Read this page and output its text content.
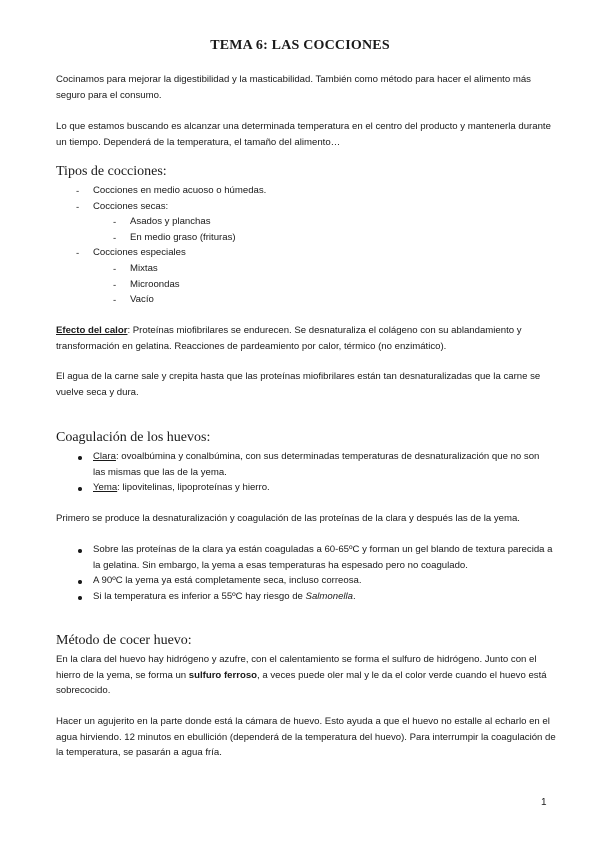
TEMA 6: LAS COCCIONES
Cocinamos para mejorar la digestibilidad y la masticabilidad. También como método para hacer el alimento más seguro para el consumo.
Lo que estamos buscando es alcanzar una determinada temperatura en el centro del producto y mantenerla durante un tiempo. Dependerá de la temperatura, el tamaño del alimento…
Tipos de cocciones:
- Cocciones en medio acuoso o húmedas.
- Cocciones secas:
- Asados y planchas
- En medio graso (frituras)
- Cocciones especiales
- Mixtas
- Microondas
- Vacío
Efecto del calor: Proteínas miofibrilares se endurecen. Se desnaturaliza el colágeno con su ablandamiento y transformación en gelatina. Reacciones de pardeamiento por calor, térmico (no enzimático).
El agua de la carne sale y crepita hasta que las proteínas miofibrilares están tan desnaturalizadas que la carne se vuelve seca y dura.
Coagulación de los huevos:
Clara: ovoalbúmina y conalbúmina, con sus determinadas temperaturas de desnaturalización que no son las mismas que las de la yema.
Yema: lipovitelinas, lipoproteínas y hierro.
Primero se produce la desnaturalización y coagulación de las proteínas de la clara y después las de la yema.
Sobre las proteínas de la clara ya están coaguladas a 60-65ºC y forman un gel blando de textura parecida a la gelatina. Sin embargo, la yema a esas temperaturas ha espesado pero no coagulado.
A 90ºC la yema ya está completamente seca, incluso correosa.
Si la temperatura es inferior a 55ºC hay riesgo de Salmonella.
Método de cocer huevo:
En la clara del huevo hay hidrógeno y azufre, con el calentamiento se forma el sulfuro de hidrógeno. Junto con el hierro de la yema, se forma un sulfuro ferroso, a veces puede oler mal y le da el color verde cuando el huevo está sobrecocido.
Hacer un agujerito en la parte donde está la cámara de huevo. Esto ayuda a que el huevo no estalle al echarlo en el agua hirviendo. 12 minutos en ebullición (dependerá de la temperatura del huevo). Para interrumpir la coagulación de la temperatura, se pasarán a agua fría.
1
